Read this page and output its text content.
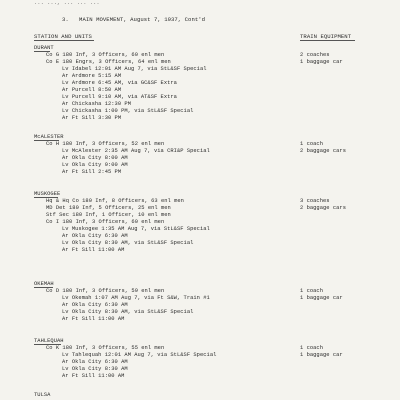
... ..., ... ... ...
3.   MAIN MOVEMENT, August 7, 1937, Cont'd
STATION AND UNITS	TRAIN EQUIPMENT
DURANT
Co G 180 Inf, 3 Officers, 60 enl men	2 coaches
Co E 180 Engrs, 3 Officers, 64 enl men	1 baggage car
Lv Idabel 12:01 AM Aug 7, via StL&SF Special
Ar Ardmore 5:15 AM
Lv Ardmore 6:45 AM, via GC&SF Extra
Ar Purcell 8:50 AM
Lv Purcell 9:10 AM, via AT&SF Extra
Ar Chickasha 12:30 PM
Lv Chickasha 1:00 PM, via StL&SF Special
Ar Ft Sill 3:30 PM
McALESTER
Co H 180 Inf, 3 Officers, 52 enl men	1 coach
Lv McAlester 2:35 AM Aug 7, via CRI&P Special	2 baggage cars
Ar Okla City 8:00 AM
Lv Okla City 9:00 AM
Ar Ft Sill 2:45 PM
MUSKOGEE
Hq & Hq Co 180 Inf, 8 Officers, 63 enl men	3 coaches
MD Det 180 Inf, 5 Officers, 25 enl men	2 baggage cars
Stf Sec 180 Inf, 1 Officer, 10 enl men
Co I 180 Inf, 3 Officers, 60 enl men
Lv Muskogee 1:35 AM Aug 7, via StL&SF Special
Ar Okla City 6:30 AM
Lv Okla City 8:30 AM, via StL&SF Special
Ar Ft Sill 11:00 AM
OKEMAH
Co D 180 Inf, 3 Officers, 59 enl men	1 coach
Lv Okemah 1:07 AM Aug 7, via Ft S&W, Train #1	1 baggage car
Ar Okla City 6:30 AM
Lv Okla City 8:30 AM, via StL&SF Special
Ar Ft Sill 11:00 AM
TAHLEQUAH
Co K 180 Inf, 3 Officers, 55 enl men	1 coach
Lv Tahlequah 12:01 AM Aug 7, via StL&SF Special	1 baggage car
Ar Okla City 6:30 AM
Lv Okla City 8:30 AM
Ar Ft Sill 11:00 AM
TULSA
